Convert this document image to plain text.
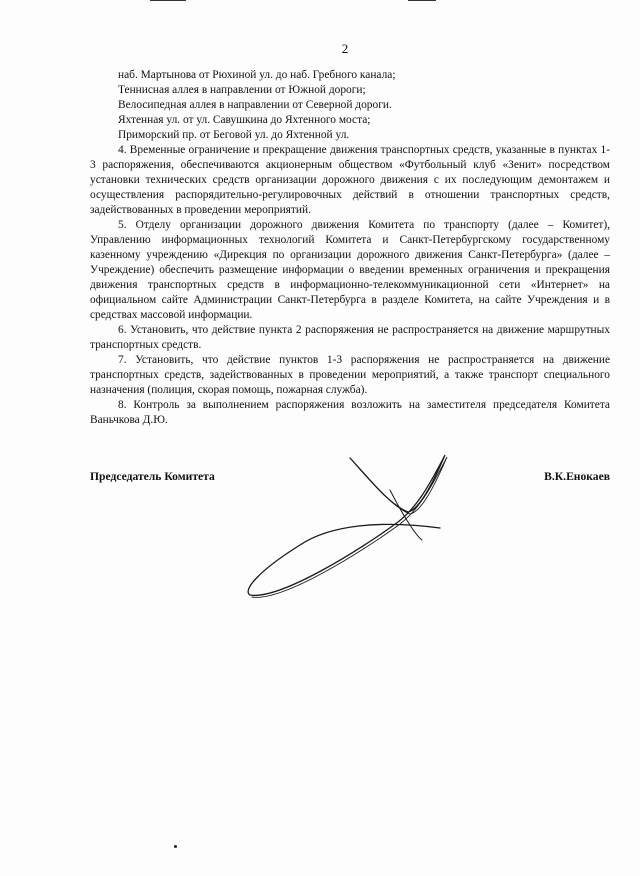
2

наб. Мартынова от Рюхиной ул. до наб. Гребного канала;

Теннисная аллея в направлении от Южной дороги;

Велосипедная аллея в направлении от Северной дороги.

Яхтенная ул. от ул. Савушкина до Яхтенного моста;

Приморский пр. от Беговой ул. до Яхтенной ул.

4. Временные ограничение и прекращение движения транспортных средств, указанные в пунктах 1-3 распоряжения, обеспечиваются акционерным обществом «Футбольный клуб «Зенит» посредством установки технических средств организации дорожного движения с их последующим демонтажем и осуществления распорядительно-регулировочных действий в отношении транспортных средств, задействованных в проведении мероприятий.

5. Отделу организации дорожного движения Комитета по транспорту (далее – Комитет), Управлению информационных технологий Комитета и Санкт-Петербургскому государственному казенному учреждению «Дирекция по организации дорожного движения Санкт-Петербурга» (далее – Учреждение) обеспечить размещение информации о введении временных ограничения и прекращения движения транспортных средств в информационно-телекоммуникационной сети «Интернет» на официальном сайте Администрации Санкт-Петербурга в разделе Комитета, на сайте Учреждения и в средствах массовой информации.

6. Установить, что действие пункта 2 распоряжения не распространяется на движение маршрутных транспортных средств.

7. Установить, что действие пунктов 1-3 распоряжения не распространяется на движение транспортных средств, задействованных в проведении мероприятий, а также транспорт специального назначения (полиция, скорая помощь, пожарная служба).

8. Контроль за выполнением распоряжения возложить на заместителя председателя Комитета Ваньчкова Д.Ю.

Председатель Комитета	В.К.Енокаев
